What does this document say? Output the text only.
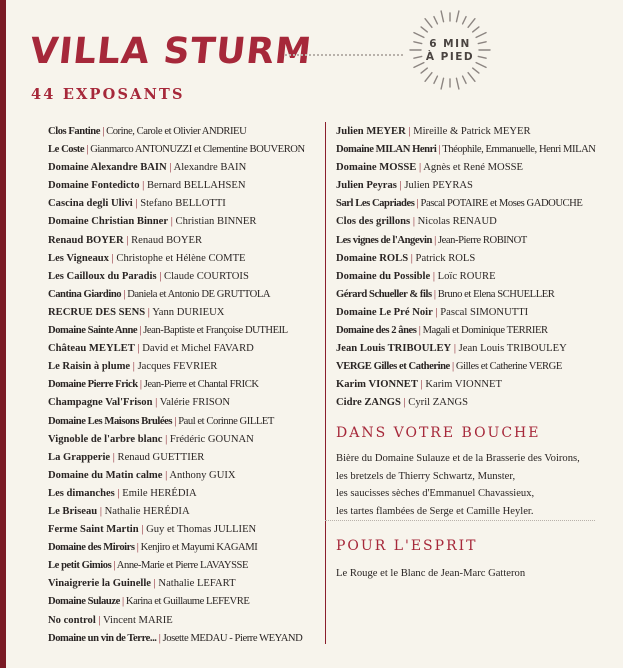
VILLA STURM	6 MIN
À PIED
44 EXPOSANTS
Clos Fantine | Corine, Carole et Olivier ANDRIEU
Le Coste | Gianmarco ANTONUZZI et Clementine BOUVERON
Domaine Alexandre BAIN | Alexandre BAIN
Domaine Fontedicto | Bernard BELLAHSEN
Cascina degli Ulivi | Stefano BELLOTTI
Domaine Christian Binner | Christian BINNER
Renaud BOYER | Renaud BOYER
Les Vigneaux | Christophe et Hélène COMTE
Les Cailloux du Paradis | Claude COURTOIS
Cantina Giardino | Daniela et Antonio DE GRUTTOLA
RECRUE DES SENS | Yann DURIEUX
Domaine Sainte Anne | Jean-Baptiste et Françoise DUTHEIL
Château MEYLET | David et Michel FAVARD
Le Raisin à plume | Jacques FEVRIER
Domaine Pierre Frick | Jean-Pierre et Chantal FRICK
Champagne Val'Frison | Valérie FRISON
Domaine Les Maisons Brulées | Paul et Corinne GILLET
Vignoble de l'arbre blanc | Frédéric GOUNAN
La Grapperie | Renaud GUETTIER
Domaine du Matin calme | Anthony GUIX
Les dimanches | Emile HERÉDIA
Le Briseau | Nathalie HERÉDIA
Ferme Saint Martin | Guy et Thomas JULLIEN
Domaine des Miroirs | Kenjiro et Mayumi KAGAMI
Le petit Gimios | Anne-Marie et Pierre LAVAYSSE
Vinaigrerie la Guinelle | Nathalie LEFART
Domaine Sulauze | Karina et Guillaume LEFEVRE
No control | Vincent MARIE
Domaine un vin de Terre... | Josette MEDAU - Pierre WEYAND
Julien MEYER | Mireille & Patrick MEYER
Domaine MILAN Henri | Théophile, Emmanuelle, Henri MILAN
Domaine MOSSE | Agnès et René MOSSE
Julien Peyras | Julien PEYRAS
Sarl Les Capriades | Pascal POTAIRE et Moses GADOUCHE
Clos des grillons | Nicolas RENAUD
Les vignes de l'Angevin | Jean-Pierre ROBINOT
Domaine ROLS | Patrick ROLS
Domaine du Possible | Loïc ROURE
Gérard Schueller & fils | Bruno et Elena SCHUELLER
Domaine Le Pré Noir | Pascal SIMONUTTI
Domaine des 2 ânes | Magali et Dominique TERRIER
Jean Louis TRIBOULEY | Jean Louis TRIBOULEY
VERGE Gilles et Catherine | Gilles et Catherine VERGE
Karim VIONNET | Karim VIONNET
Cidre ZANGS | Cyril ZANGS
DANS VOTRE BOUCHE

Bière du Domaine Sulauze et de la Brasserie des Voirons,
les bretzels de Thierry Schwartz, Munster,
les saucisses sèches d'Emmanuel Chavassieux,
les tartes flambées de Serge et Camille Heyler.

POUR L'ESPRIT

Le Rouge et le Blanc de Jean-Marc Gatteron
